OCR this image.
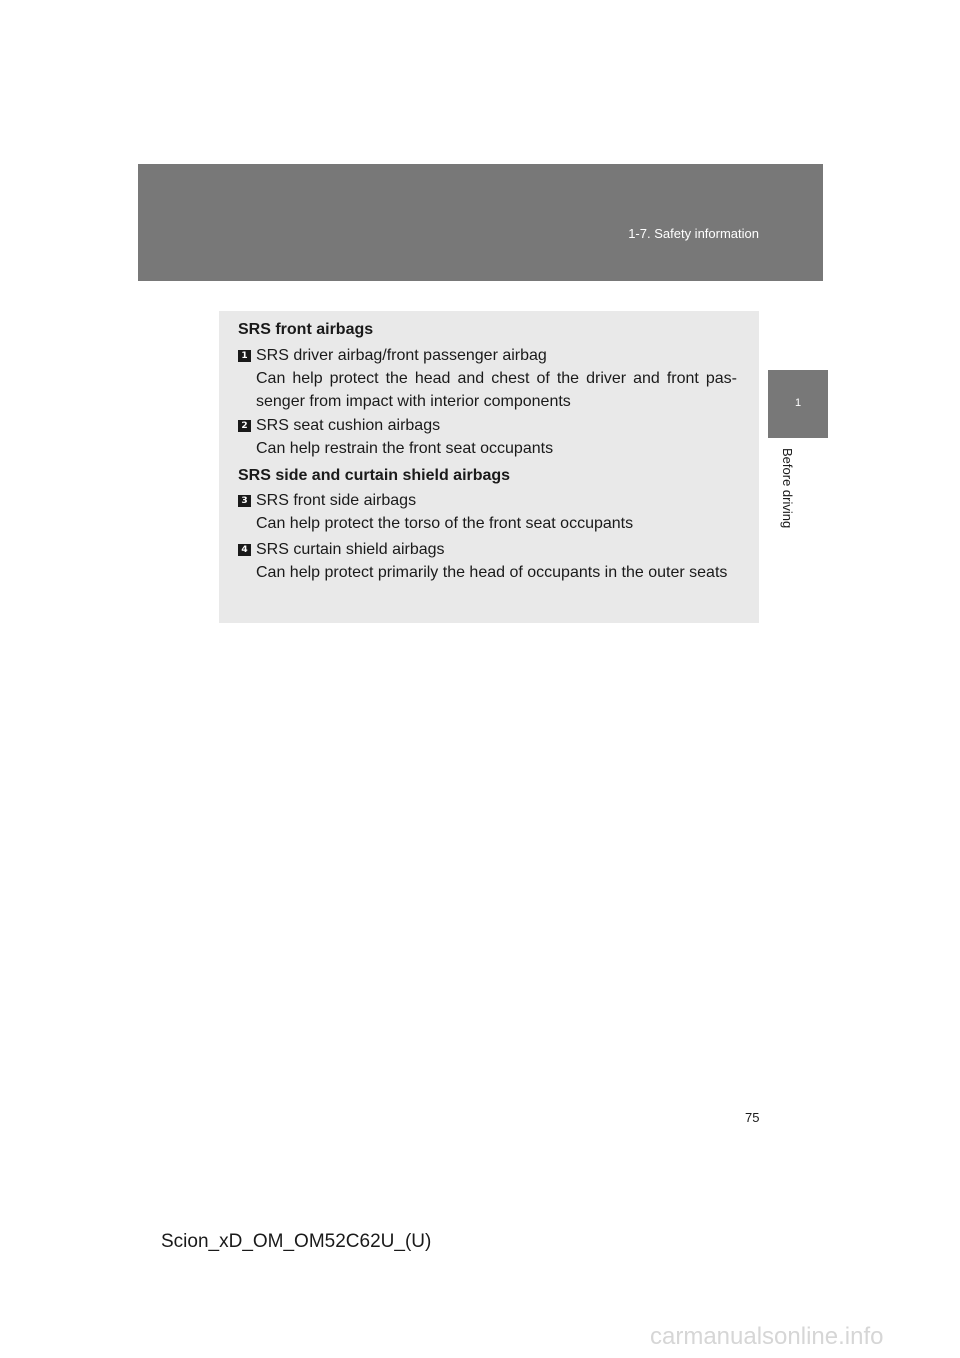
1-7. Safety information
1
Before driving
SRS front airbags
1 SRS driver airbag/front passenger airbag
Can help protect the head and chest of the driver and front pas- senger from impact with interior components
2 SRS seat cushion airbags
Can help restrain the front seat occupants
SRS side and curtain shield airbags
3 SRS front side airbags
Can help protect the torso of the front seat occupants
4 SRS curtain shield airbags
Can help protect primarily the head of occupants in the outer seats
75
Scion_xD_OM_OM52C62U_(U)
carmanualsonline.info
